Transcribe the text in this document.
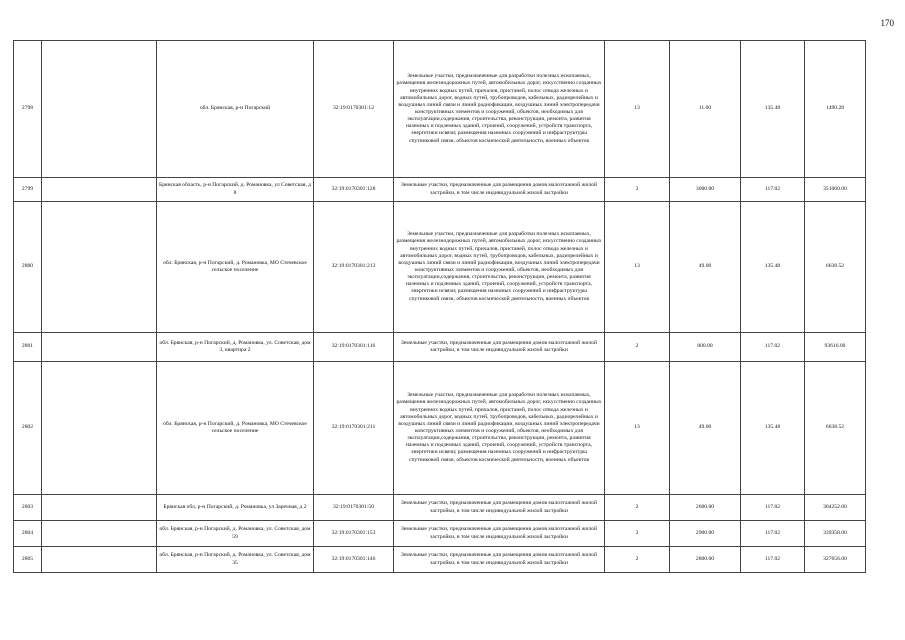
170
2798		обл. Брянская, р-н Погарский	32:19:0170301:12	Земельные участки, предназначенные для разработки полезных ископаемых, размещения железнодорожных путей, автомобильных дорог, искусственно созданных внутренних водных путей, причалов, пристаней, полос отвода железных и автомобильных дорог, водных путей, трубопроводов, кабельных, радиорелейных и воздушных линий связи и линий радиофикации, воздушных линий электропередачи конструктивных элементов и сооружений, объектов, необходимых для эксплуатации,содержания, строительства, реконструкции, ремонта, развития наземных и подземных зданий, строений, сооружений, устройств транспорта, энергетики исвязи; размещения наземных сооружений и инфраструктуры спутниковой связи, объектов космической деятельности, военных объектов	13	11.00	135.48	1490.28
2799		Брянская область, р-н Погарский, д. Романовка, ул Советская, д 8	32:19:0170301:128	Земельные участки, предназначенные для размещения домов малоэтажной жилой застройки, в том числе индивидуальной жилой застройки	2	3000.00	117.02	351060.00
2800		обл. Брянская, р-н Погарский, д. Романовка, МО Стечевское сельское поселение	32:19:0170301:213	Земельные участки, предназначенные для разработки полезных ископаемых, размещения железнодорожных путей, автомобильных дорог, искусственно созданных внутренних водных путей, причалов, пристаней, полос отвода железных и автомобильных дорог, водных путей, трубопроводов, кабельных, радиорелейных и воздушных линий связи и линий радиофикации, воздушных линий электропередачи конструктивных элементов и сооружений, объектов, необходимых для эксплуатации,содержания, строительства, реконструкции, ремонта, развития наземных и подземных зданий, строений, сооружений, устройств транспорта, энергетики исвязи; размещения наземных сооружений и инфраструктуры спутниковой связи, объектов космической деятельности, военных объектов	13	49.00	135.48	6638.52
2801		обл. Брянская, р-н Погарский, д. Романовка, ул. Советская, дом 3, квартира 2	32:19:0170301:116	Земельные участки, предназначенные для размещения домов малоэтажной жилой застройки, в том числе индивидуальной жилой застройки	2	800.00	117.02	93616.00
2802		обл. Брянская, р-н Погарский, д. Романовка, МО Стечевское сельское поселение	32:19:0170301:211	Земельные участки, предназначенные для разработки полезных ископаемых, размещения железнодорожных путей, автомобильных дорог, искусственно созданных внутренних водных путей, причалов, пристаней, полос отвода железных и автомобильных дорог, водных путей, трубопроводов, кабельных, радиорелейных и воздушных линий связи и линий радиофикации, воздушных линий электропередачи конструктивных элементов и сооружений, объектов, необходимых для эксплуатации,содержания, строительства, реконструкции, ремонта, развития наземных и подземных зданий, строений, сооружений, устройств транспорта, энергетики исвязи; размещения наземных сооружений и инфраструктуры спутниковой связи, объектов космической деятельности, военных объектов	13	49.00	135.48	6638.52
2803		Брянская обл, р-н Погарский, д. Романовка, ул Заречная, д 2	32:19:0170301:50	Земельные участки, предназначенные для размещения домов малоэтажной жилой застройки, в том числе индивидуальной жилой застройки	2	2600.00	117.02	304252.00
2804		обл. Брянская, р-н Погарский, д. Романовка, ул. Советская, дом 59	32:19:0170301:153	Земельные участки, предназначенные для размещения домов малоэтажной жилой застройки, в том числе индивидуальной жилой застройки	2	2900.00	117.02	339358.00
2805		обл. Брянская, р-н Погарский, д. Романовка, ул. Советская, дом 35	32:19:0170301:146	Земельные участки, предназначенные для размещения домов малоэтажной жилой застройки, в том числе индивидуальной жилой застройки	2	2800.00	117.02	327656.00
